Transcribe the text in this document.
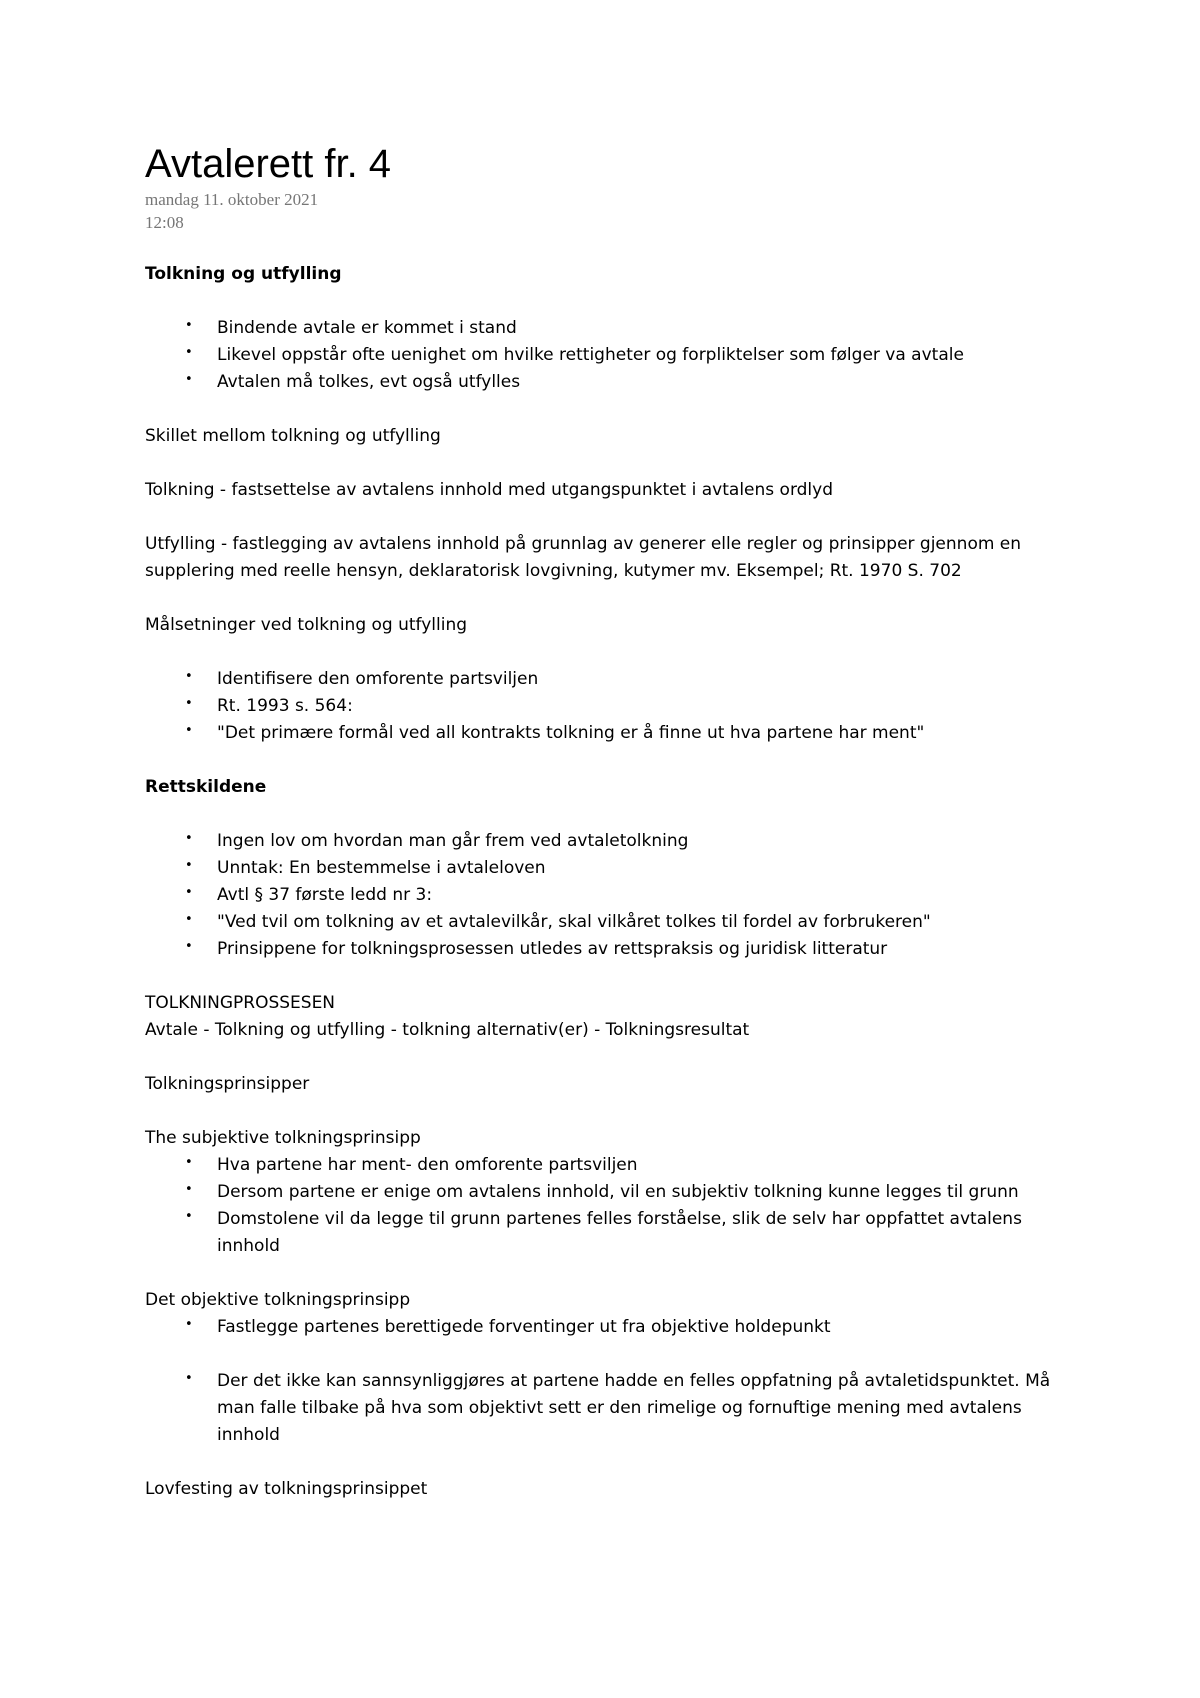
Avtalerett fr. 4
mandag 11. oktober 2021
12:08

Tolkning og utfylling

• Bindende avtale er kommet i stand
• Likevel oppstår ofte uenighet om hvilke rettigheter og forpliktelser som følger va avtale
• Avtalen må tolkes, evt også utfylles

Skillet mellom tolkning og utfylling

Tolkning - fastsettelse av avtalens innhold med utgangspunktet i avtalens ordlyd

Utfylling - fastlegging av avtalens innhold på grunnlag av generer elle regler og prinsipper gjennom en supplering med reelle hensyn, deklaratorisk lovgivning, kutymer mv. Eksempel; Rt. 1970 S. 702

Målsetninger ved tolkning og utfylling

• Identifisere den omforente partsviljen
• Rt. 1993 s. 564:
• "Det primære formål ved all kontrakts tolkning er å finne ut hva partene har ment"

Rettskildene

• Ingen lov om hvordan man går frem ved avtaletolkning
• Unntak: En bestemmelse i avtaleloven
• Avtl § 37 første ledd nr 3:
• "Ved tvil om tolkning av et avtalevilkår, skal vilkåret tolkes til fordel av forbrukeren"
• Prinsippene for tolkningsprosessen utledes av rettspraksis og juridisk litteratur

TOLKNINGPROSSESEN

Avtale - Tolkning og utfylling - tolkning alternativ(er) - Tolkningsresultat

Tolkningsprinsipper

The subjektive tolkningsprinsipp

• Hva partene har ment- den omforente partsviljen
• Dersom partene er enige om avtalens innhold, vil en subjektiv tolkning kunne legges til grunn
• Domstolene vil da legge til grunn partenes felles forståelse, slik de selv har oppfattet avtalens innhold

Det objektive tolkningsprinsipp

• Fastlegge partenes berettigede forventinger ut fra objektive holdepunkt
• Der det ikke kan sannsynliggjøres at partene hadde en felles oppfatning på avtaletidspunktet. Må man falle tilbake på hva som objektivt sett er den rimelige og fornuftige mening med avtalens innhold

Lovfesting av tolkningsprinsippet
